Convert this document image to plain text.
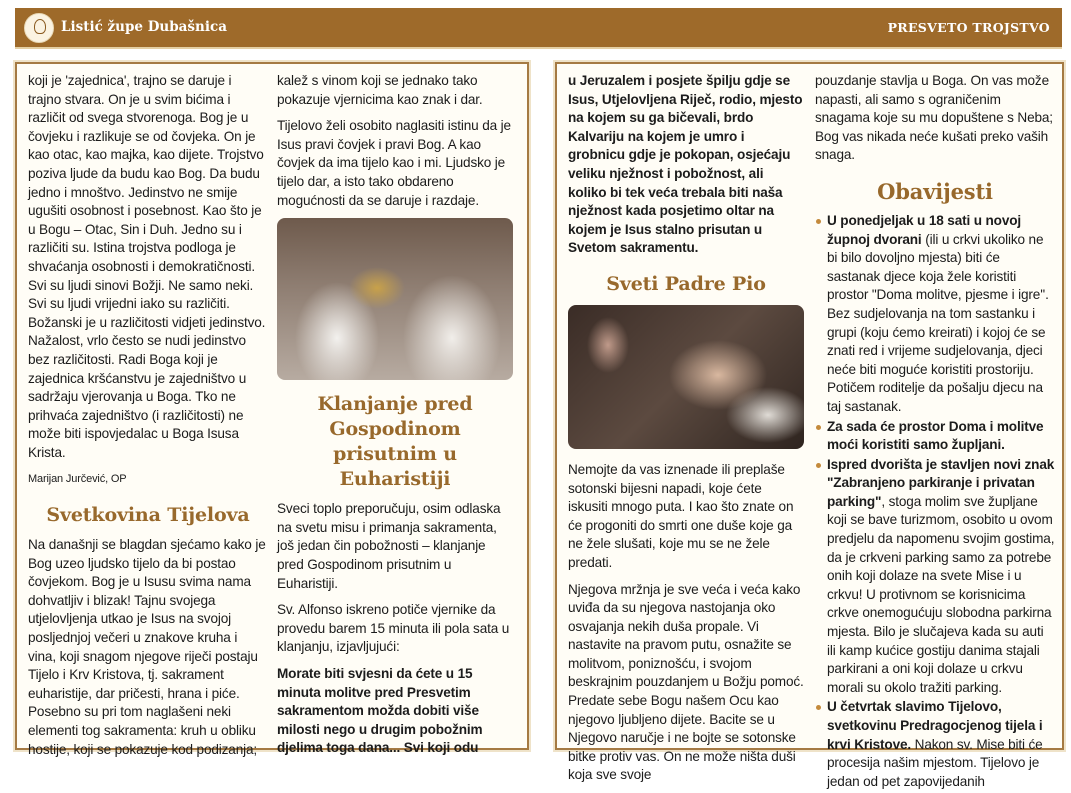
Listić župe Dubašnica	PRESVETO TROJSTVO

koji je 'zajednica', trajno se daruje i trajno stvara. On je u svim bićima i različit od svega stvorenoga. Bog je u čovjeku i razlikuje se od čovjeka. On je kao otac, kao majka, kao dijete. Trojstvo poziva ljude da budu kao Bog. Da budu jedno i mnoštvo. Jedinstvo ne smije ugušiti osobnost i posebnost. Kao što je u Bogu – Otac, Sin i Duh. Jedno su i različiti su. Istina trojstva podloga je shvaćanja osobnosti i demokratičnosti. Svi su ljudi sinovi Božji. Ne samo neki. Svi su ljudi vrijedni iako su različiti. Božanski je u različitosti vidjeti jedinstvo. Nažalost, vrlo često se nudi jedinstvo bez različitosti. Radi Boga koji je zajednica kršćanstvu je zajedništvo u sadržaju vjerovanja u Boga. Tko ne prihvaća zajedništvo (i različitosti) ne može biti ispovjedalac u Boga Isusa Krista.

Marijan Jurčević, OP

Svetkovina Tijelova

Na današnji se blagdan sjećamo kako je Bog uzeo ljudsko tijelo da bi postao čovjekom. Bog je u Isusu svima nama dohvatljiv i blizak! Tajnu svojega utjelovljenja utkao je Isus na svojoj posljednjoj večeri u znakove kruha i vina, koji snagom njegove riječi postaju Tijelo i Krv Kristova, tj. sakrament euharistije, dar pričesti, hrana i piće. Posebno su pri tom naglašeni neki elementi tog sakramenta: kruh u obliku hostije, koji se pokazuje kod podizanja;

kalež s vinom koji se jednako tako pokazuje vjernicima kao znak i dar.

Tijelovo želi osobito naglasiti istinu da je Isus pravi čovjek i pravi Bog. A kao čovjek da ima tijelo kao i mi. Ljudsko je tijelo dar, a isto tako obdareno mogućnosti da se daruje i razdaje.

Klanjanje pred Gospodinom prisutnim u Euharistiji

Sveci toplo preporučuju, osim odlaska na svetu misu i primanja sakramenta, još jedan čin pobožnosti – klanjanje pred Gospodinom prisutnim u Euharistiji.

Sv. Alfonso iskreno potiče vjernike da provedu barem 15 minuta ili pola sata u klanjanju, izjavljujući:

Morate biti svjesni da ćete u 15 minuta molitve pred Presvetim sakramentom možda dobiti više milosti nego u drugim pobožnim djelima toga dana... Svi koji odu

u Jeruzalem i posjete špilju gdje se Isus, Utjelovljena Riječ, rodio, mjesto na kojem su ga bičevali, brdo Kalvariju na kojem je umro i grobnicu gdje je pokopan, osjećaju veliku nježnost i pobožnost, ali koliko bi tek veća trebala biti naša nježnost kada posjetimo oltar na kojem je Isus stalno prisutan u Svetom sakramentu.

Sveti Padre Pio

Nemojte da vas iznenade ili preplaše sotonski bijesni napadi, koje ćete iskusiti mnogo puta. I kao što znate on će progoniti do smrti one duše koje ga ne žele slušati, koje mu se ne žele predati.

Njegova mržnja je sve veća i veća kako uviđa da su njegova nastojanja oko osvajanja nekih duša propale. Vi nastavite na pravom putu, osnažite se molitvom, poniznošću, i svojom beskrajnim pouzdanjem u Božju pomoć. Predate sebe Bogu našem Ocu kao njegovo ljubljeno dijete. Bacite se u Njegovo naručje i ne bojte se sotonske bitke protiv vas. On ne može ništa duši koja sve svoje

pouzdanje stavlja u Boga. On vas može napasti, ali samo s ograničenim snagama koje su mu dopuštene s Neba; Bog vas nikada neće kušati preko vaših snaga.

Obavijesti
U ponedjeljak u 18 sati u novoj župnoj dvorani (ili u crkvi ukoliko ne bi bilo dovoljno mjesta) biti će sastanak djece koja žele koristiti prostor "Doma molitve, pjesme i igre''. Bez sudjelovanja na tom sastanku i grupi (koju ćemo kreirati) i kojoj će se znati red i vrijeme sudjelovanja, djeci neće biti moguće koristiti prostoriju. Potičem roditelje da pošalju djecu na taj sastanak.
Za sada će prostor Doma i molitve moći koristiti samo župljani.
Ispred dvorišta je stavljen novi znak "Zabranjeno parkiranje i privatan parking", stoga molim sve župljane koji se bave turizmom, osobito u ovom predjelu da napomenu svojim gostima, da je crkveni parking samo za potrebe onih koji dolaze na svete Mise i u crkvu! U protivnom se korisnicima crkve onemogućuju slobodna parkirna mjesta. Bilo je slučajeva kada su auti ili kamp kućice gostiju danima stajali parkirani a oni koji dolaze u crkvu morali su okolo tražiti parking.
U četvrtak slavimo Tijelovo, svetkovinu Predragocjenog tijela i krvi Kristove. Nakon sv. Mise biti će procesija našim mjestom. Tijelovo je jedan od pet zapovijedanih
